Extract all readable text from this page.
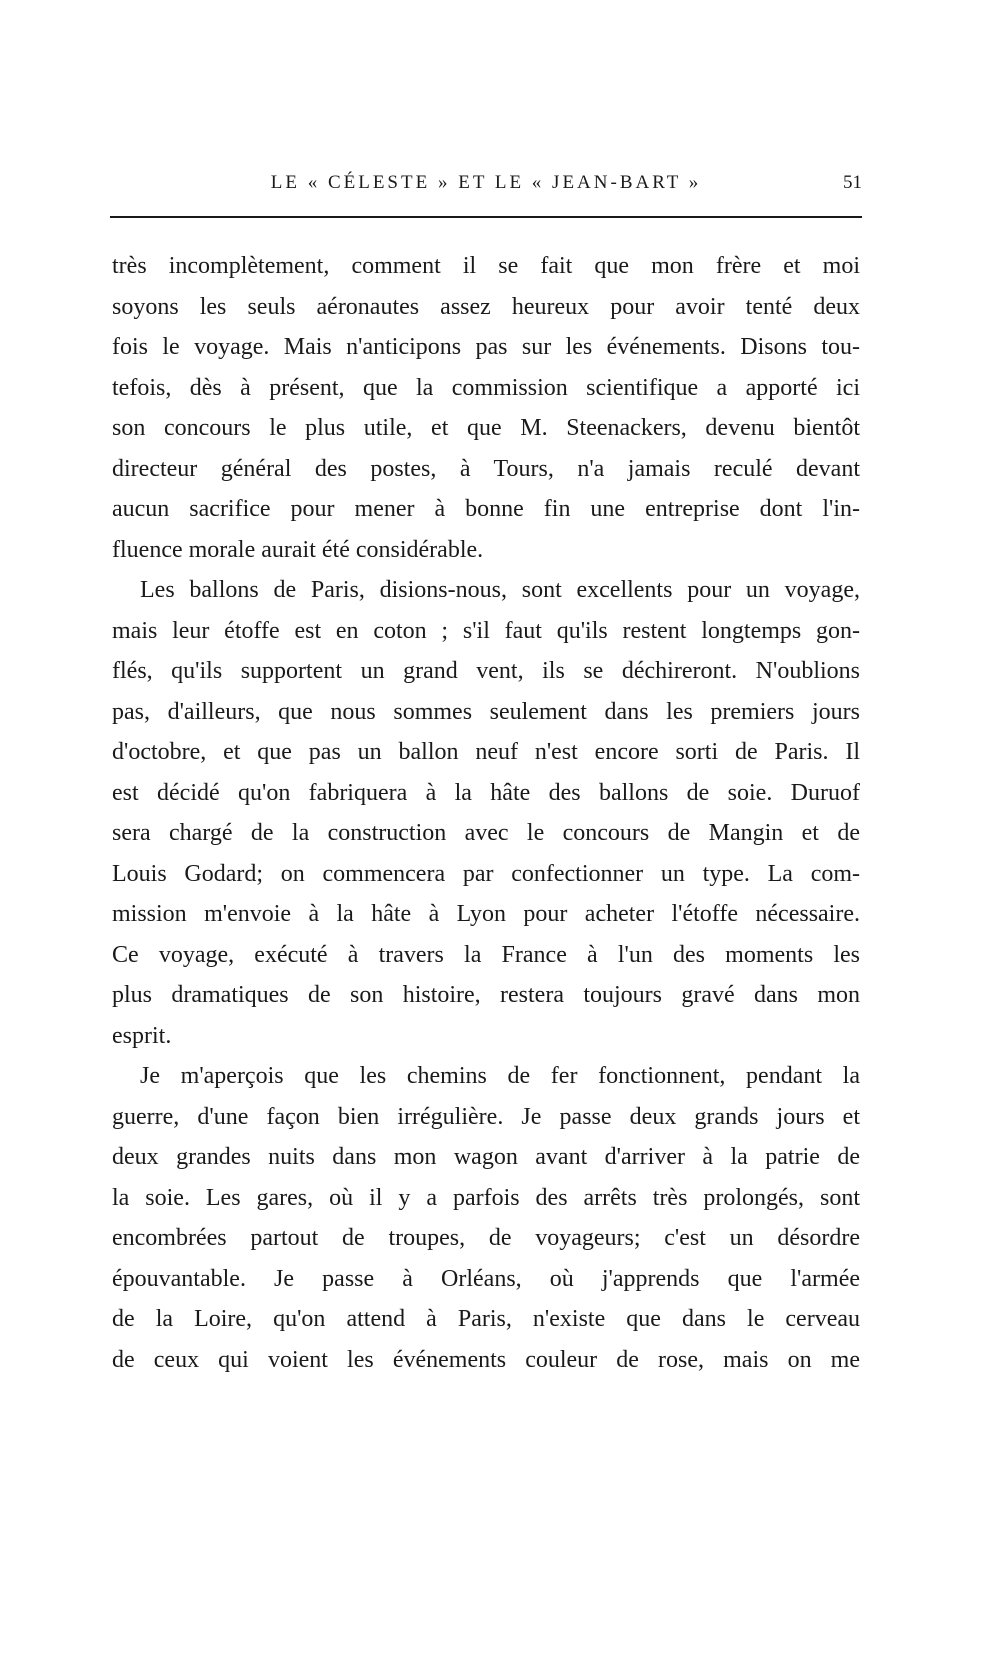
LE « CÉLESTE » ET LE « JEAN-BART »	51
très incomplètement, comment il se fait que mon frère et moi
soyons les seuls aéronautes assez heureux pour avoir tenté deux
fois le voyage. Mais n'anticipons pas sur les événements. Disons tou-
tefois, dès à présent, que la commission scientifique a apporté ici
son concours le plus utile, et que M. Steenackers, devenu bientôt
directeur général des postes, à Tours, n'a jamais reculé devant
aucun sacrifice pour mener à bonne fin une entreprise dont l'in-
fluence morale aurait été considérable.
Les ballons de Paris, disions-nous, sont excellents pour un voyage,
mais leur étoffe est en coton ; s'il faut qu'ils restent longtemps gon-
flés, qu'ils supportent un grand vent, ils se déchireront. N'oublions
pas, d'ailleurs, que nous sommes seulement dans les premiers jours
d'octobre, et que pas un ballon neuf n'est encore sorti de Paris. Il
est décidé qu'on fabriquera à la hâte des ballons de soie. Duruof
sera chargé de la construction avec le concours de Mangin et de
Louis Godard; on commencera par confectionner un type. La com-
mission m'envoie à la hâte à Lyon pour acheter l'étoffe nécessaire.
Ce voyage, exécuté à travers la France à l'un des moments les
plus dramatiques de son histoire, restera toujours gravé dans mon
esprit.
Je m'aperçois que les chemins de fer fonctionnent, pendant la
guerre, d'une façon bien irrégulière. Je passe deux grands jours et
deux grandes nuits dans mon wagon avant d'arriver à la patrie de
la soie. Les gares, où il y a parfois des arrêts très prolongés, sont
encombrées partout de troupes, de voyageurs; c'est un désordre
épouvantable. Je passe à Orléans, où j'apprends que l'armée
de la Loire, qu'on attend à Paris, n'existe que dans le cerveau
de ceux qui voient les événements couleur de rose, mais on me
